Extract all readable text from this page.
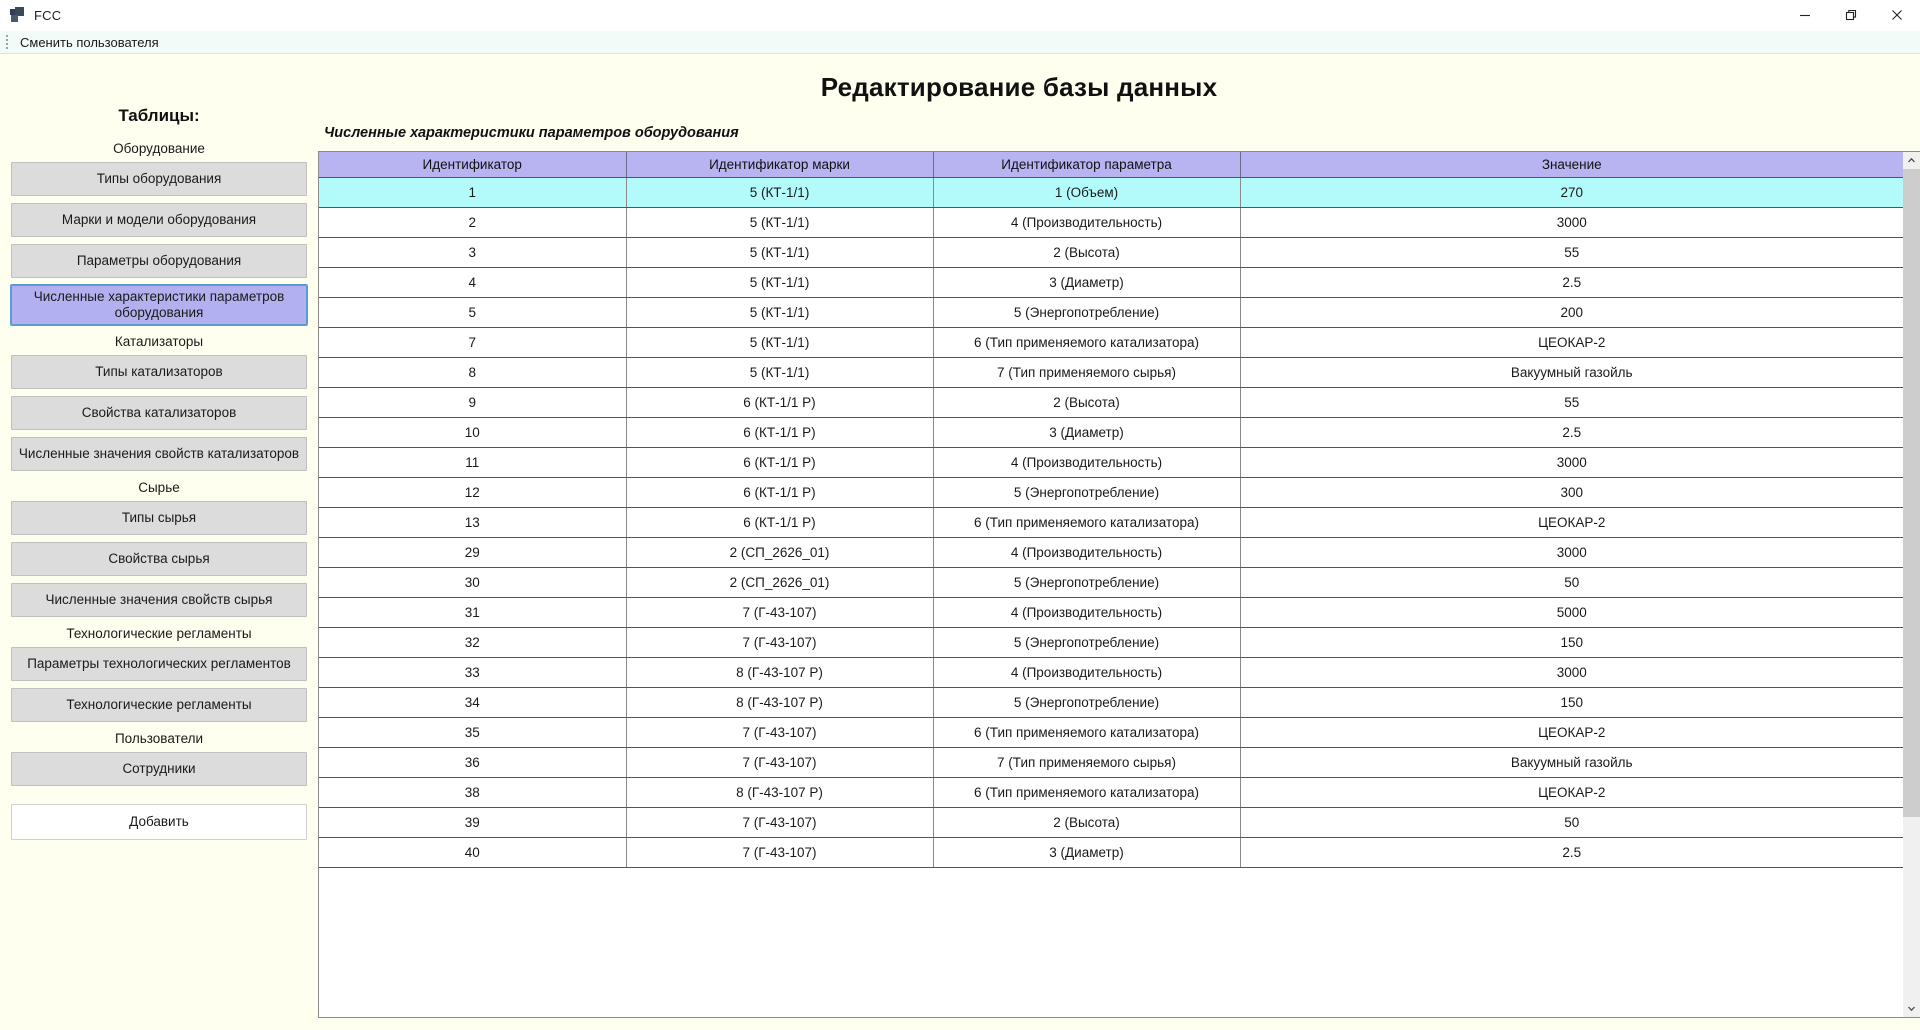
FCC
Сменить пользователя
Таблицы:
Оборудование
Типы оборудования
Марки и модели оборудования
Параметры оборудования
Численные характеристики параметров оборудования
Катализаторы
Типы катализаторов
Свойства катализаторов
Численные значения свойств катализаторов
Сырье
Типы сырья
Свойства сырья
Численные значения свойств сырья
Технологические регламенты
Параметры технологических регламентов
Технологические регламенты
Пользователи
Сотрудники
Добавить
Редактирование базы данных
Численные характеристики параметров оборудования
Идентификатор	Идентификатор марки	Идентификатор параметра	Значение
1	5 (КТ-1/1)	1 (Объем)	270
2	5 (КТ-1/1)	4 (Производительность)	3000
3	5 (КТ-1/1)	2 (Высота)	55
4	5 (КТ-1/1)	3 (Диаметр)	2.5
5	5 (КТ-1/1)	5 (Энергопотребление)	200
7	5 (КТ-1/1)	6 (Тип применяемого катализатора)	ЦЕОКАР-2
8	5 (КТ-1/1)	7 (Тип применяемого сырья)	Вакуумный газойль
9	6 (КТ-1/1 Р)	2 (Высота)	55
10	6 (КТ-1/1 Р)	3 (Диаметр)	2.5
11	6 (КТ-1/1 Р)	4 (Производительность)	3000
12	6 (КТ-1/1 Р)	5 (Энергопотребление)	300
13	6 (КТ-1/1 Р)	6 (Тип применяемого катализатора)	ЦЕОКАР-2
29	2 (СП_2626_01)	4 (Производительность)	3000
30	2 (СП_2626_01)	5 (Энергопотребление)	50
31	7 (Г-43-107)	4 (Производительность)	5000
32	7 (Г-43-107)	5 (Энергопотребление)	150
33	8 (Г-43-107 Р)	4 (Производительность)	3000
34	8 (Г-43-107 Р)	5 (Энергопотребление)	150
35	7 (Г-43-107)	6 (Тип применяемого катализатора)	ЦЕОКАР-2
36	7 (Г-43-107)	7 (Тип применяемого сырья)	Вакуумный газойль
38	8 (Г-43-107 Р)	6 (Тип применяемого катализатора)	ЦЕОКАР-2
39	7 (Г-43-107)	2 (Высота)	50
40	7 (Г-43-107)	3 (Диаметр)	2.5
